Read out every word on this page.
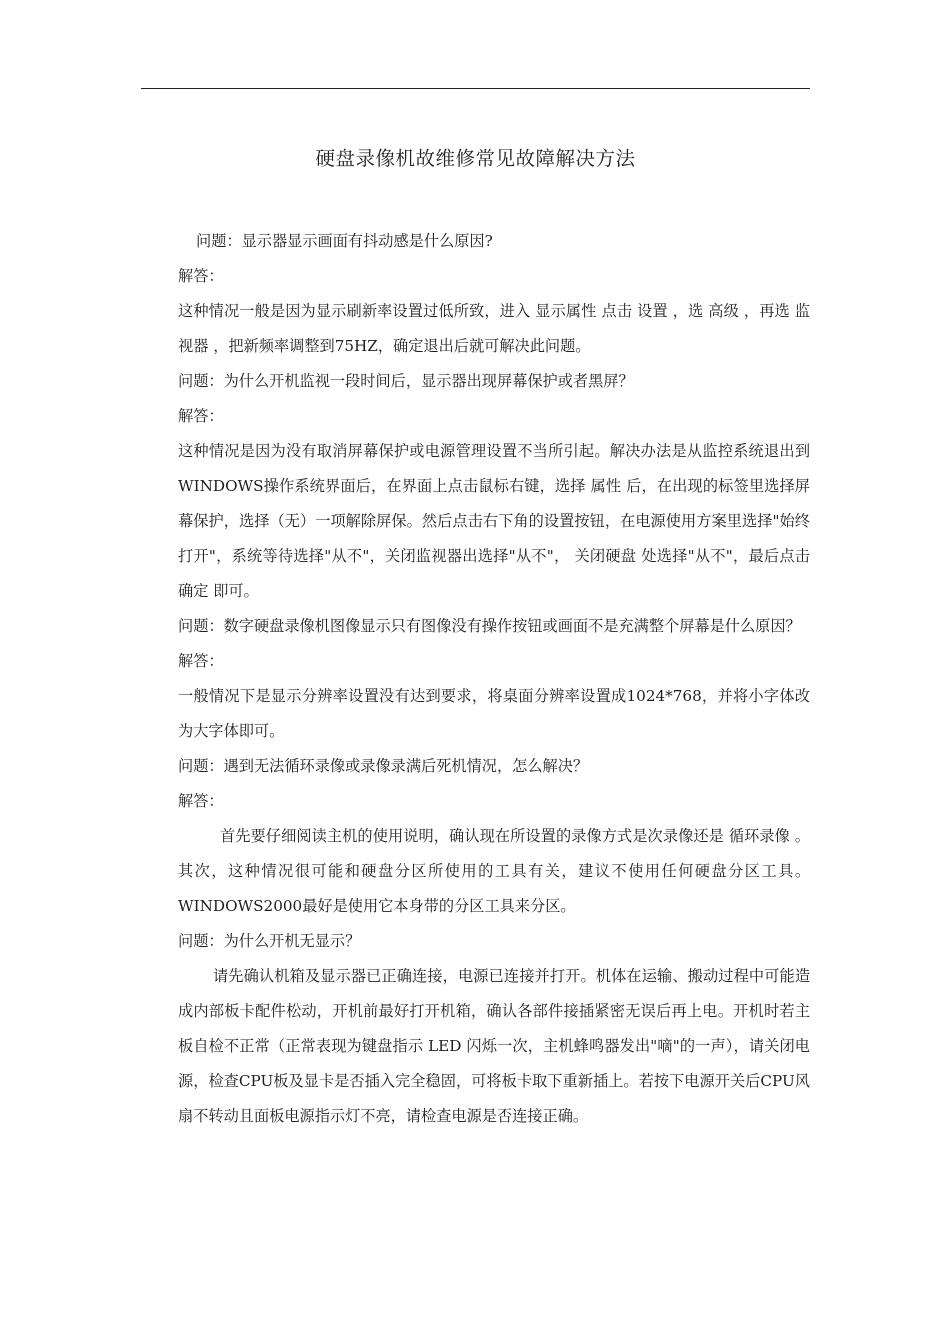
硬盘录像机故维修常见故障解决方法

问题：显示器显示画面有抖动感是什么原因?

解答：

这种情况一般是因为显示刷新率设置过低所致，进入 显示属性 点击 设置 ，选 高级 ，再选 监视器 ，把新频率调整到75HZ，确定退出后就可解决此问题。

问题：为什么开机监视一段时间后，显示器出现屏幕保护或者黑屏？

解答：

这种情况是因为没有取消屏幕保护或电源管理设置不当所引起。解决办法是从监控系统退出到WINDOWS操作系统界面后，在界面上点击鼠标右键，选择 属性 后，在出现的标签里选择屏幕保护，选择（无）一项解除屏保。然后点击右下角的设置按钮，在电源使用方案里选择"始终打开"，系统等待选择"从不"，关闭监视器出选择"从不"， 关闭硬盘 处选择"从不"，最后点击 确定 即可。

问题：数字硬盘录像机图像显示只有图像没有操作按钮或画面不是充满整个屏幕是什么原因？

解答：

一般情况下是显示分辨率设置没有达到要求，将桌面分辨率设置成1024*768，并将小字体改为大字体即可。

问题：遇到无法循环录像或录像录满后死机情况，怎么解决？

解答：

首先要仔细阅读主机的使用说明，确认现在所设置的录像方式是次录像还是 循环录像 。其次，这种情况很可能和硬盘分区所使用的工具有关，建议不使用任何硬盘分区工具。WINDOWS2000最好是使用它本身带的分区工具来分区。

问题：为什么开机无显示？

请先确认机箱及显示器已正确连接，电源已连接并打开。机体在运输、搬动过程中可能造成内部板卡配件松动，开机前最好打开机箱，确认各部件接插紧密无误后再上电。开机时若主板自检不正常（正常表现为键盘指示 LED 闪烁一次，主机蜂鸣器发出"嘀"的一声），请关闭电源，检查CPU板及显卡是否插入完全稳固，可将板卡取下重新插上。若按下电源开关后CPU风扇不转动且面板电源指示灯不亮，请检查电源是否连接正确。
